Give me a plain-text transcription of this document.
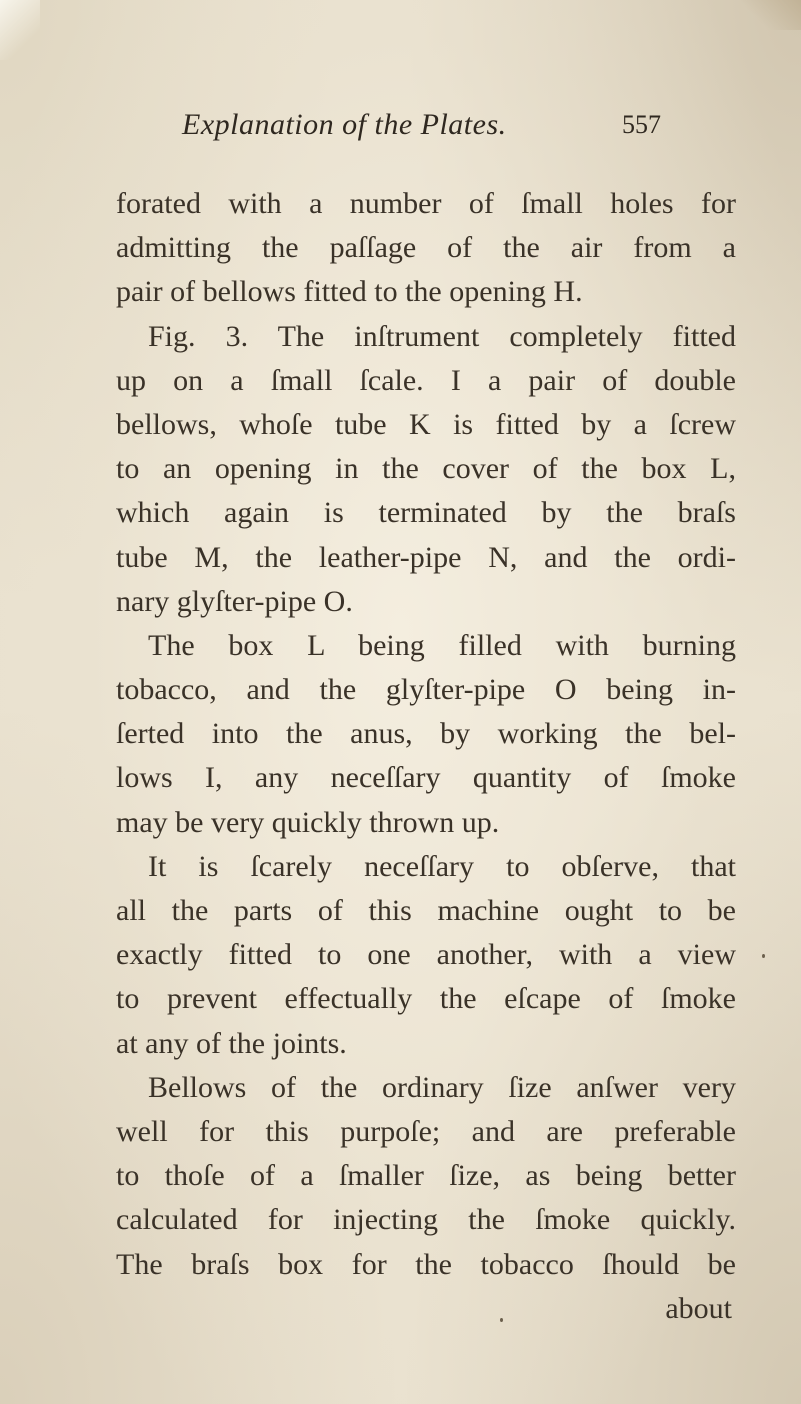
Explanation of the Plates.	557
forated with a number of ſmall holes for
admitting the paſſage of the air from a
pair of bellows fitted to the opening H.
Fig. 3. The inſtrument completely fitted
up on a ſmall ſcale. I a pair of double
bellows, whoſe tube K is fitted by a ſcrew
to an opening in the cover of the box L,
which again is terminated by the braſs
tube M, the leather-pipe N, and the ordi-
nary glyſter-pipe O.
The box L being filled with burning
tobacco, and the glyſter-pipe O being in-
ſerted into the anus, by working the bel-
lows I, any neceſſary quantity of ſmoke
may be very quickly thrown up.
It is ſcarely neceſſary to obſerve, that
all the parts of this machine ought to be
exactly fitted to one another, with a view
to prevent effectually the eſcape of ſmoke
at any of the joints.
Bellows of the ordinary ſize anſwer very
well for this purpoſe; and are preferable
to thoſe of a ſmaller ſize, as being better
calculated for injecting the ſmoke quickly.
The braſs box for the tobacco ſhould be
about
